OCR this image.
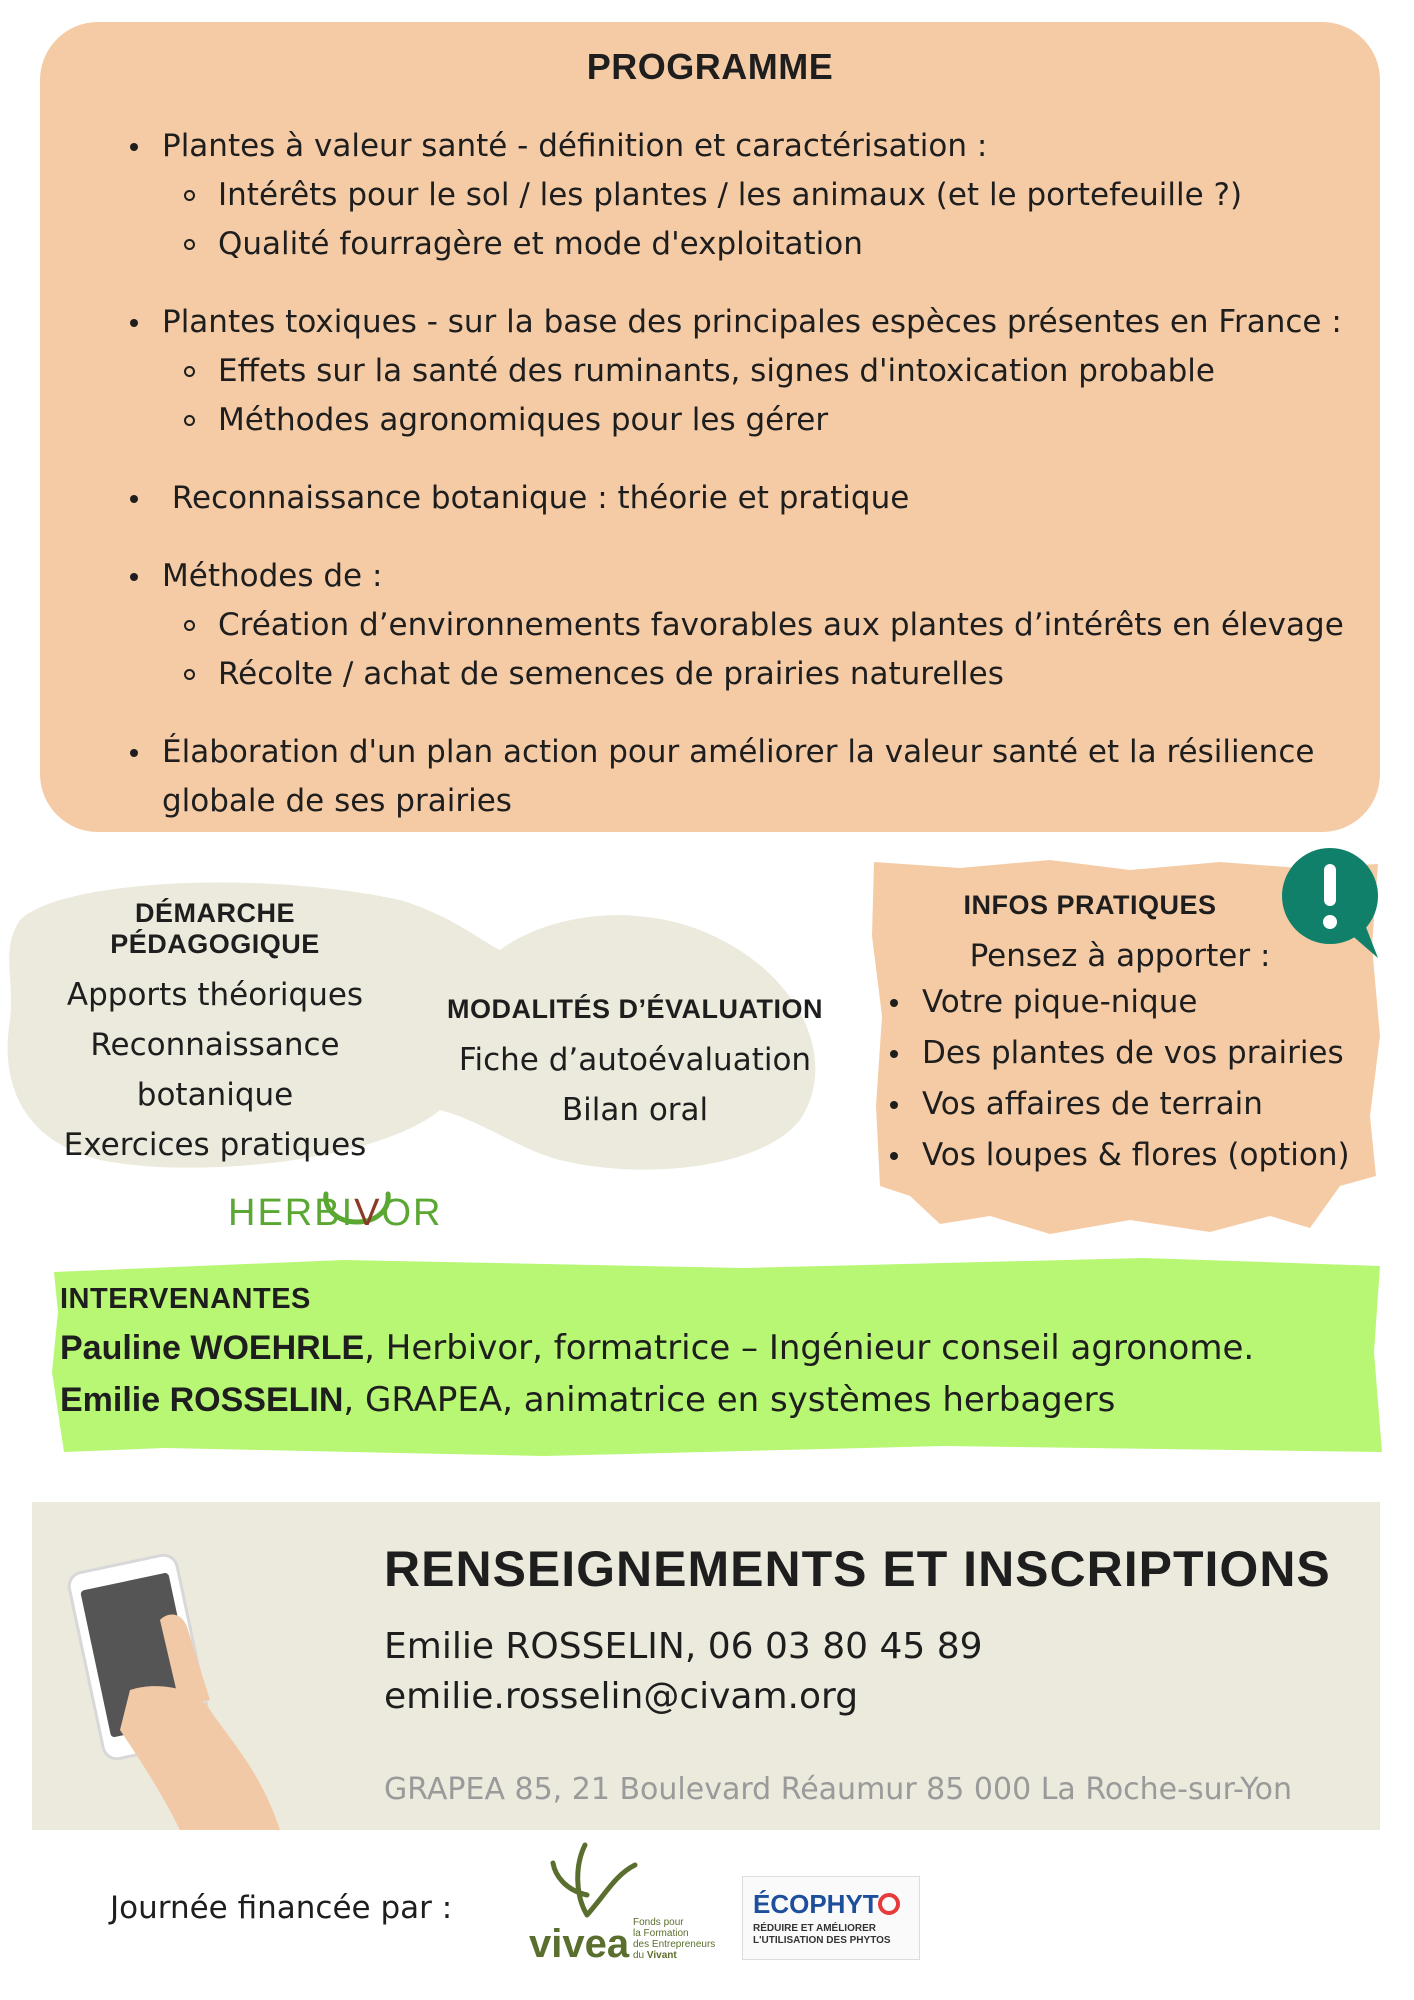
PROGRAMME
Plantes à valeur santé - définition et caractérisation :
Intérêts pour le sol / les plantes / les animaux (et le portefeuille ?)
Qualité fourragère et mode d'exploitation
Plantes toxiques - sur la base des principales espèces présentes en France :
Effets sur la santé des ruminants, signes d'intoxication probable
Méthodes agronomiques pour les gérer
Reconnaissance botanique : théorie et pratique
Méthodes de :
Création d’environnements favorables aux plantes d’intérêts en élevage
Récolte / achat de semences de prairies naturelles
Élaboration d'un plan action pour améliorer la valeur santé et la résilience
globale de ses prairies
DÉMARCHE PÉDAGOGIQUE
Apports théoriques
Reconnaissance
botanique
Exercices pratiques
MODALITÉS D’ÉVALUATION
Fiche d’autoévaluation
Bilan oral
INFOS PRATIQUES
Pensez à apporter :
Votre pique-nique
Des plantes de vos prairies
Vos affaires de terrain
Vos loupes & flores (option)
HERBIVOR
INTERVENANTES
Pauline WOEHRLE, Herbivor, formatrice – Ingénieur conseil agronome.
Emilie ROSSELIN, GRAPEA, animatrice en systèmes herbagers
RENSEIGNEMENTS ET INSCRIPTIONS
Emilie ROSSELIN, 06 03 80 45 89
emilie.rosselin@civam.org
GRAPEA 85, 21 Boulevard Réaumur 85 000 La Roche-sur-Yon
Journée financée par :
vivea Fonds pour
la Formation
des Entrepreneurs
du Vivant
ÉCOPHYT
RÉDUIRE ET AMÉLIORER
L'UTILISATION DES PHYTOS
